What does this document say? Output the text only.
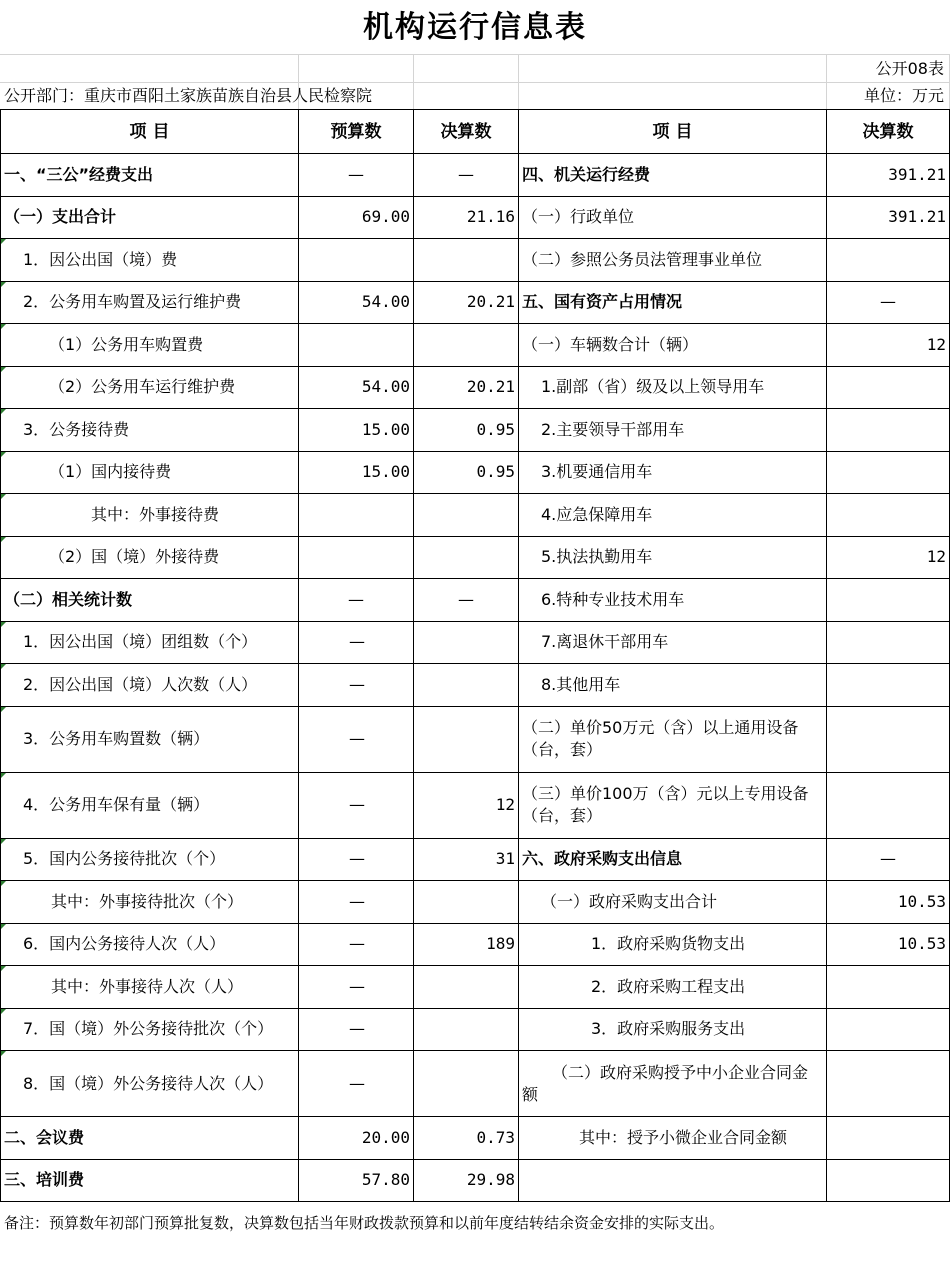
机构运行信息表
公开08表
公开部门：重庆市酉阳土家族苗族自治县人民检察院	单位：万元
项 目	预算数	决算数	项 目	决算数
一、“三公”经费支出	—	—	四、机关运行经费	391.21
（一）支出合计	69.00	21.16	（一）行政单位	391.21
1．因公出国（境）费			（二）参照公务员法管理事业单位	
2．公务用车购置及运行维护费	54.00	20.21	五、国有资产占用情况	—
（1）公务用车购置费			（一）车辆数合计（辆）	12
（2）公务用车运行维护费	54.00	20.21	1.副部（省）级及以上领导用车	
3．公务接待费	15.00	0.95	2.主要领导干部用车	
（1）国内接待费	15.00	0.95	3.机要通信用车	
其中：外事接待费			4.应急保障用车	
（2）国（境）外接待费			5.执法执勤用车	12
（二）相关统计数	—	—	6.特种专业技术用车	
1．因公出国（境）团组数（个）	—		7.离退休干部用车	
2．因公出国（境）人次数（人）	—		8.其他用车	
3．公务用车购置数（辆）	—		（二）单价50万元（含）以上通用设备（台，套）	
4．公务用车保有量（辆）	—	12	（三）单价100万（含）元以上专用设备（台，套）	
5．国内公务接待批次（个）	—	31	六、政府采购支出信息	—
其中：外事接待批次（个）	—		（一）政府采购支出合计	10.53
6．国内公务接待人次（人）	—	189	1．政府采购货物支出	10.53
其中：外事接待人次（人）	—		2．政府采购工程支出	
7．国（境）外公务接待批次（个）	—		3．政府采购服务支出	
8．国（境）外公务接待人次（人）	—		（二）政府采购授予中小企业合同金额	
二、会议费	20.00	0.73	其中：授予小微企业合同金额	
三、培训费	57.80	29.98		
备注：预算数年初部门预算批复数，决算数包括当年财政拨款预算和以前年度结转结余资金安排的实际支出。
